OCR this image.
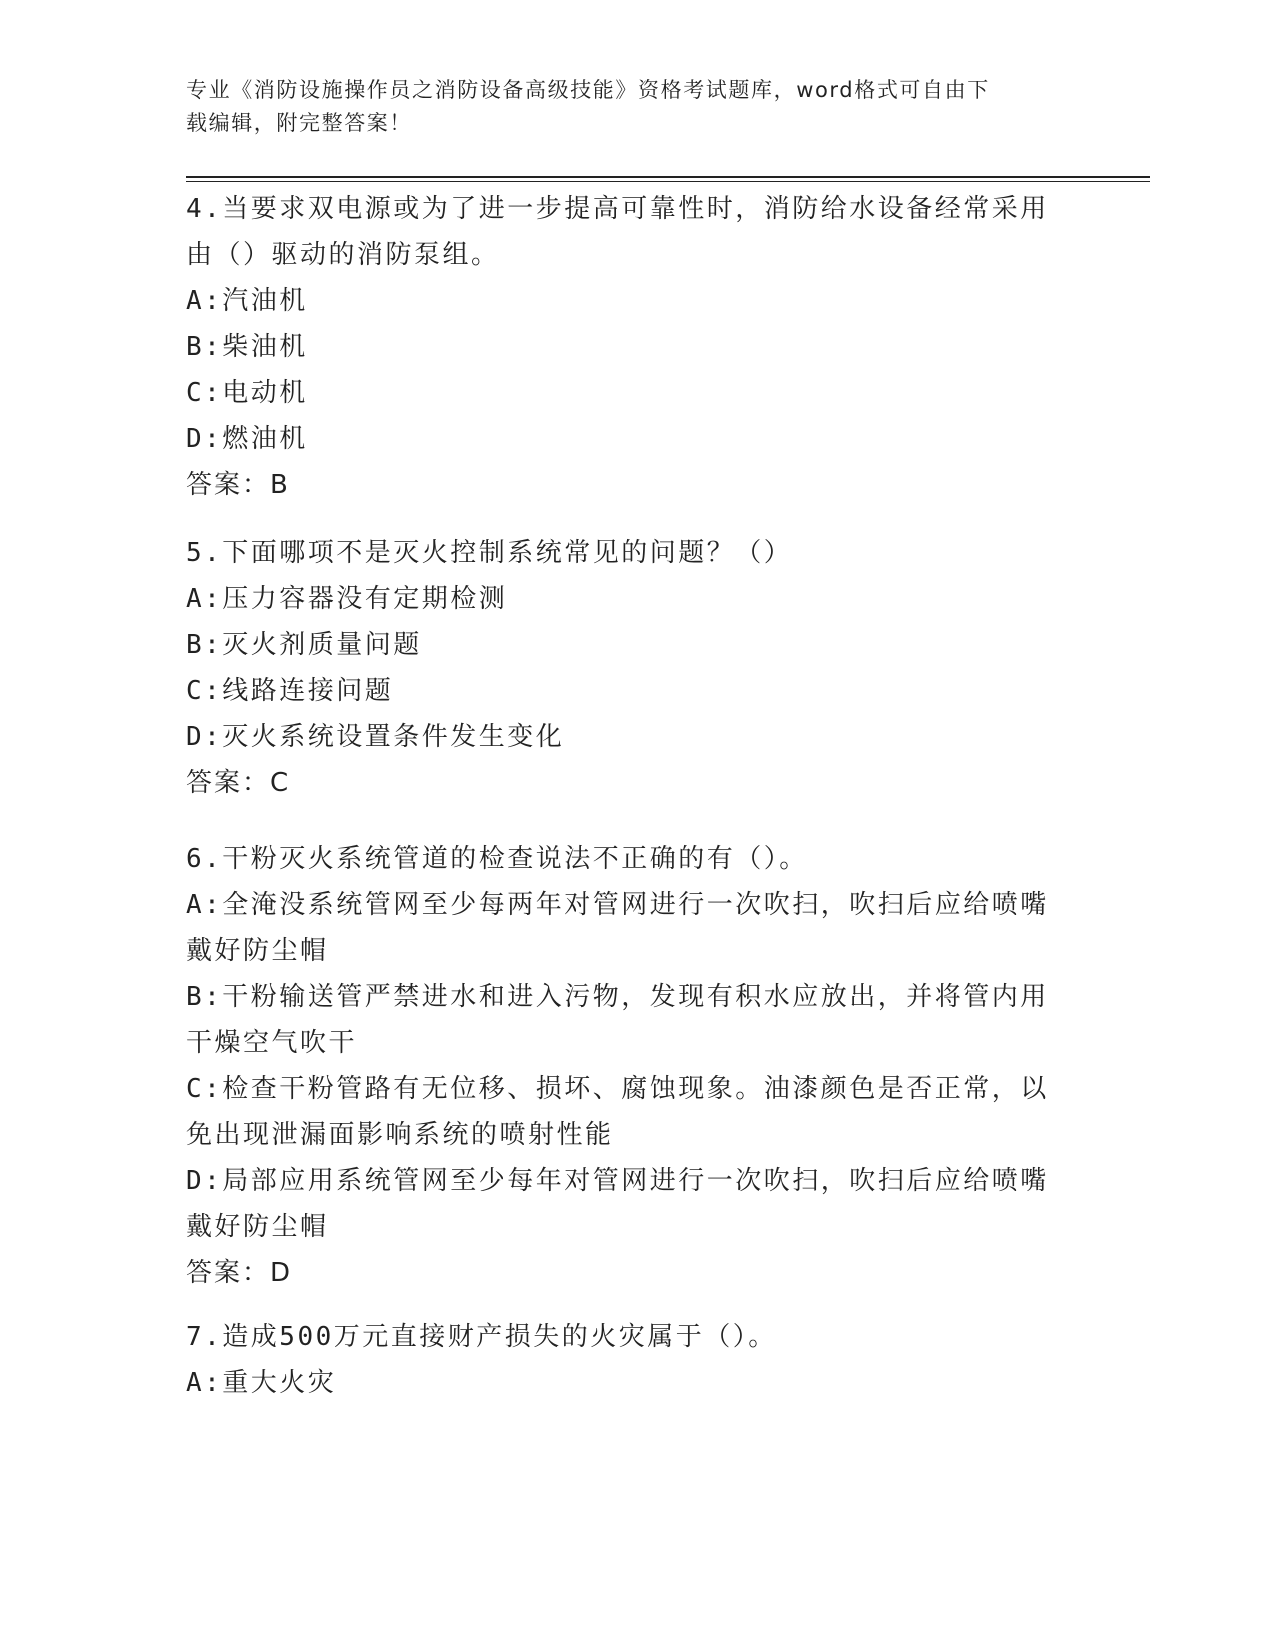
专业《消防设施操作员之消防设备高级技能》资格考试题库，word格式可自由下
载编辑，附完整答案！
4.当要求双电源或为了进一步提高可靠性时，消防给水设备经常采用
由（）驱动的消防泵组。
A:汽油机
B:柴油机
C:电动机
D:燃油机
答案：B
5.下面哪项不是灭火控制系统常见的问题？（）
A:压力容器没有定期检测
B:灭火剂质量问题
C:线路连接问题
D:灭火系统设置条件发生变化
答案：C
6.干粉灭火系统管道的检查说法不正确的有（）。
A:全淹没系统管网至少每两年对管网进行一次吹扫，吹扫后应给喷嘴
戴好防尘帽
B:干粉输送管严禁进水和进入污物，发现有积水应放出，并将管内用
干燥空气吹干
C:检查干粉管路有无位移、损坏、腐蚀现象。油漆颜色是否正常，以
免出现泄漏面影响系统的喷射性能
D:局部应用系统管网至少每年对管网进行一次吹扫，吹扫后应给喷嘴
戴好防尘帽
答案：D
7.造成500万元直接财产损失的火灾属于（）。
A:重大火灾
